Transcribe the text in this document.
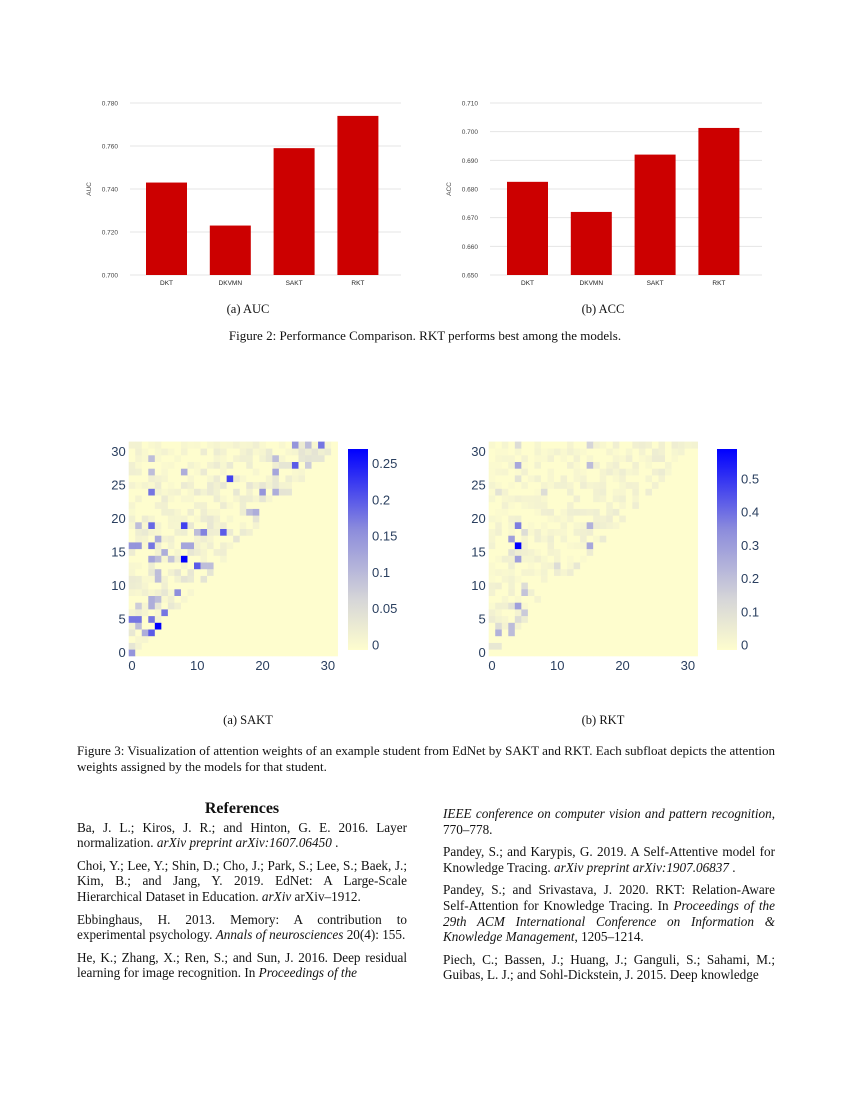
0.700
0.720
0.740
0.760
0.780
AUC
DKT	DKVMN	SAKT	RKT
0.650
0.660
0.670
0.680
0.690
0.700
0.710
ACC
DKT	DKVMN	SAKT	RKT
(a) AUC	(b) ACC
Figure 2: Performance Comparison. RKT performs best among the models.
0	10	20	30
0
5
10
15
20
25
30
0
0.05
0.1
0.15
0.2
0.25
0	10	20	30
0
5
10
15
20
25
30
0
0.1
0.2
0.3
0.4
0.5
(a) SAKT	(b) RKT
Figure 3: Visualization of attention weights of an example student from EdNet by SAKT and RKT. Each subfloat depicts the attention weights assigned by the models for that student.
References

Ba, J. L.; Kiros, J. R.; and Hinton, G. E. 2016. Layer normalization. arXiv preprint arXiv:1607.06450 .

Choi, Y.; Lee, Y.; Shin, D.; Cho, J.; Park, S.; Lee, S.; Baek, J.; Kim, B.; and Jang, Y. 2019. EdNet: A Large-Scale Hierarchical Dataset in Education. arXiv arXiv–1912.

Ebbinghaus, H. 2013. Memory: A contribution to experimental psychology. Annals of neurosciences 20(4): 155.

He, K.; Zhang, X.; Ren, S.; and Sun, J. 2016. Deep residual learning for image recognition. In Proceedings of the

IEEE conference on computer vision and pattern recognition, 770–778.

Pandey, S.; and Karypis, G. 2019. A Self-Attentive model for Knowledge Tracing. arXiv preprint arXiv:1907.06837 .

Pandey, S.; and Srivastava, J. 2020. RKT: Relation-Aware Self-Attention for Knowledge Tracing. In Proceedings of the 29th ACM International Conference on Information & Knowledge Management, 1205–1214.

Piech, C.; Bassen, J.; Huang, J.; Ganguli, S.; Sahami, M.; Guibas, L. J.; and Sohl-Dickstein, J. 2015. Deep knowledge
